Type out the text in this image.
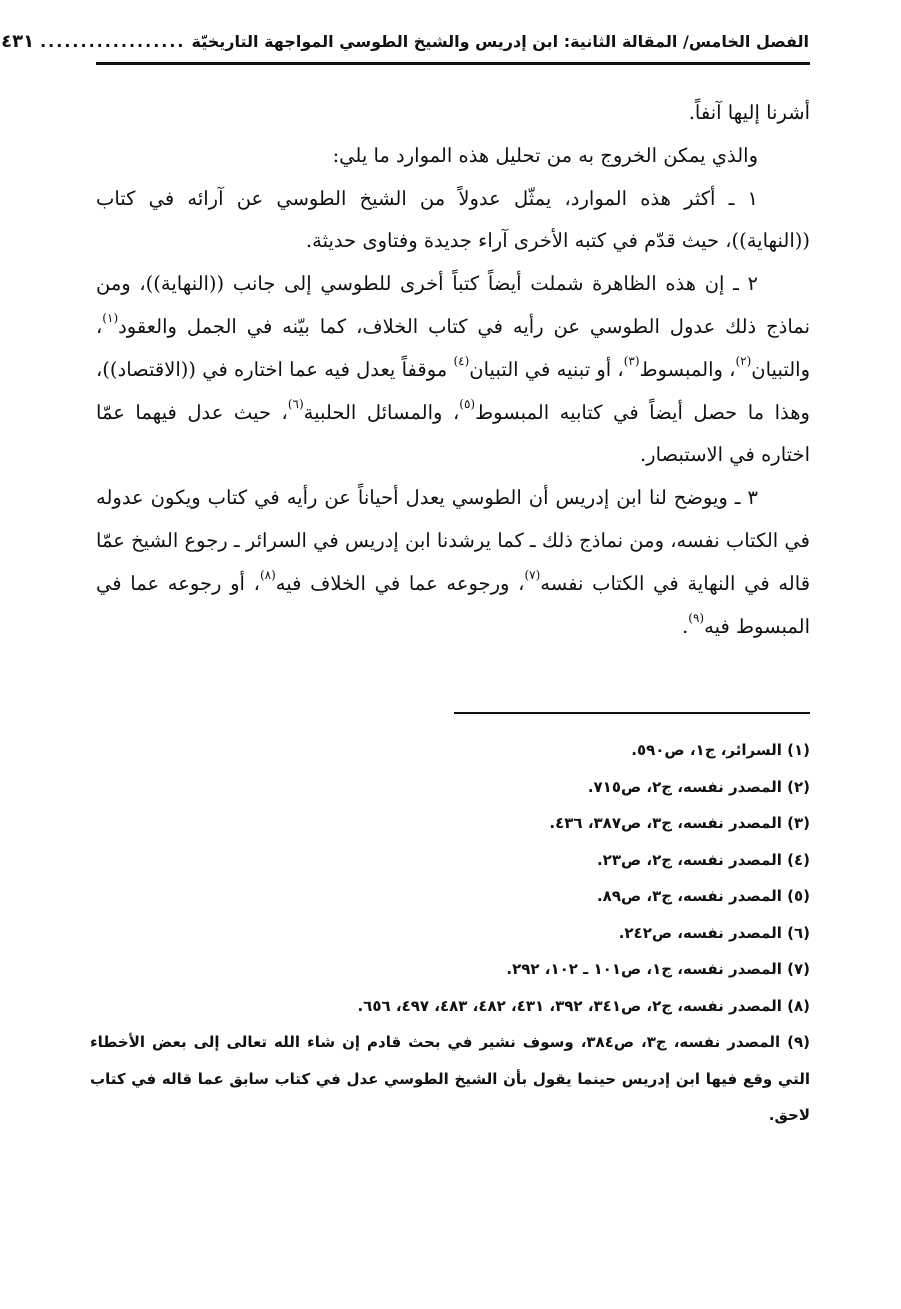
الفصل الخامس/ المقالة الثانية: ابن إدريس والشيخ الطوسي المواجهة التاريخيّة
..................
٤٣١

أشرنا إليها آنفاً.

والذي يمكن الخروج به من تحليل هذه الموارد ما يلي:

١ ـ أكثر هذه الموارد، يمثّل عدولاً من الشيخ الطوسي عن آرائه في كتاب ((النهاية))، حيث قدّم في كتبه الأخرى آراء جديدة وفتاوى حديثة.

٢ ـ إن هذه الظاهرة شملت أيضاً كتباً أخرى للطوسي إلى جانب ((النهاية))، ومن نماذج ذلك عدول الطوسي عن رأيه في كتاب الخلاف، كما بيّنه في الجمل والعقود$^{(١)}$، والتبيان$^{(٢)}$، والمبسوط$^{(٣)}$، أو تبنيه في التبيان$^{(٤)}$ موقفاً يعدل فيه عما اختاره في ((الاقتصاد))، وهذا ما حصل أيضاً في كتابيه المبسوط$^{(٥)}$، والمسائل الحلبية$^{(٦)}$، حيث عدل فيهما عمّا اختاره في الاستبصار.

٣ ـ ويوضح لنا ابن إدريس أن الطوسي يعدل أحياناً عن رأيه في كتاب ويكون عدوله في الكتاب نفسه، ومن نماذج ذلك ـ كما يرشدنا ابن إدريس في السرائر ـ رجوع الشيخ عمّا قاله في النهاية في الكتاب نفسه$^{(٧)}$، ورجوعه عما في الخلاف فيه$^{(٨)}$، أو رجوعه عما في المبسوط فيه$^{(٩)}$.

(١) السرائر، ج١، ص٥٩٠.

(٢) المصدر نفسه، ج٢، ص٧١٥.

(٣) المصدر نفسه، ج٣، ص٣٨٧، ٤٣٦.

(٤) المصدر نفسه، ج٢، ص٢٣.

(٥) المصدر نفسه، ج٣، ص٨٩.

(٦) المصدر نفسه، ص٢٤٢.

(٧) المصدر نفسه، ج١، ص١٠١ ـ ١٠٢، ٢٩٢.

(٨) المصدر نفسه، ج٢، ص٣٤١، ٣٩٢، ٤٣١، ٤٨٢، ٤٨٣، ٤٩٧، ٦٥٦.

(٩) المصدر نفسه، ج٣، ص٣٨٤، وسوف نشير في بحث قادم إن شاء الله تعالى إلى بعض الأخطاء التي وقع فيها ابن إدريس حينما يقول بأن الشيخ الطوسي عدل في كتاب سابق عما قاله في كتاب لاحق.
